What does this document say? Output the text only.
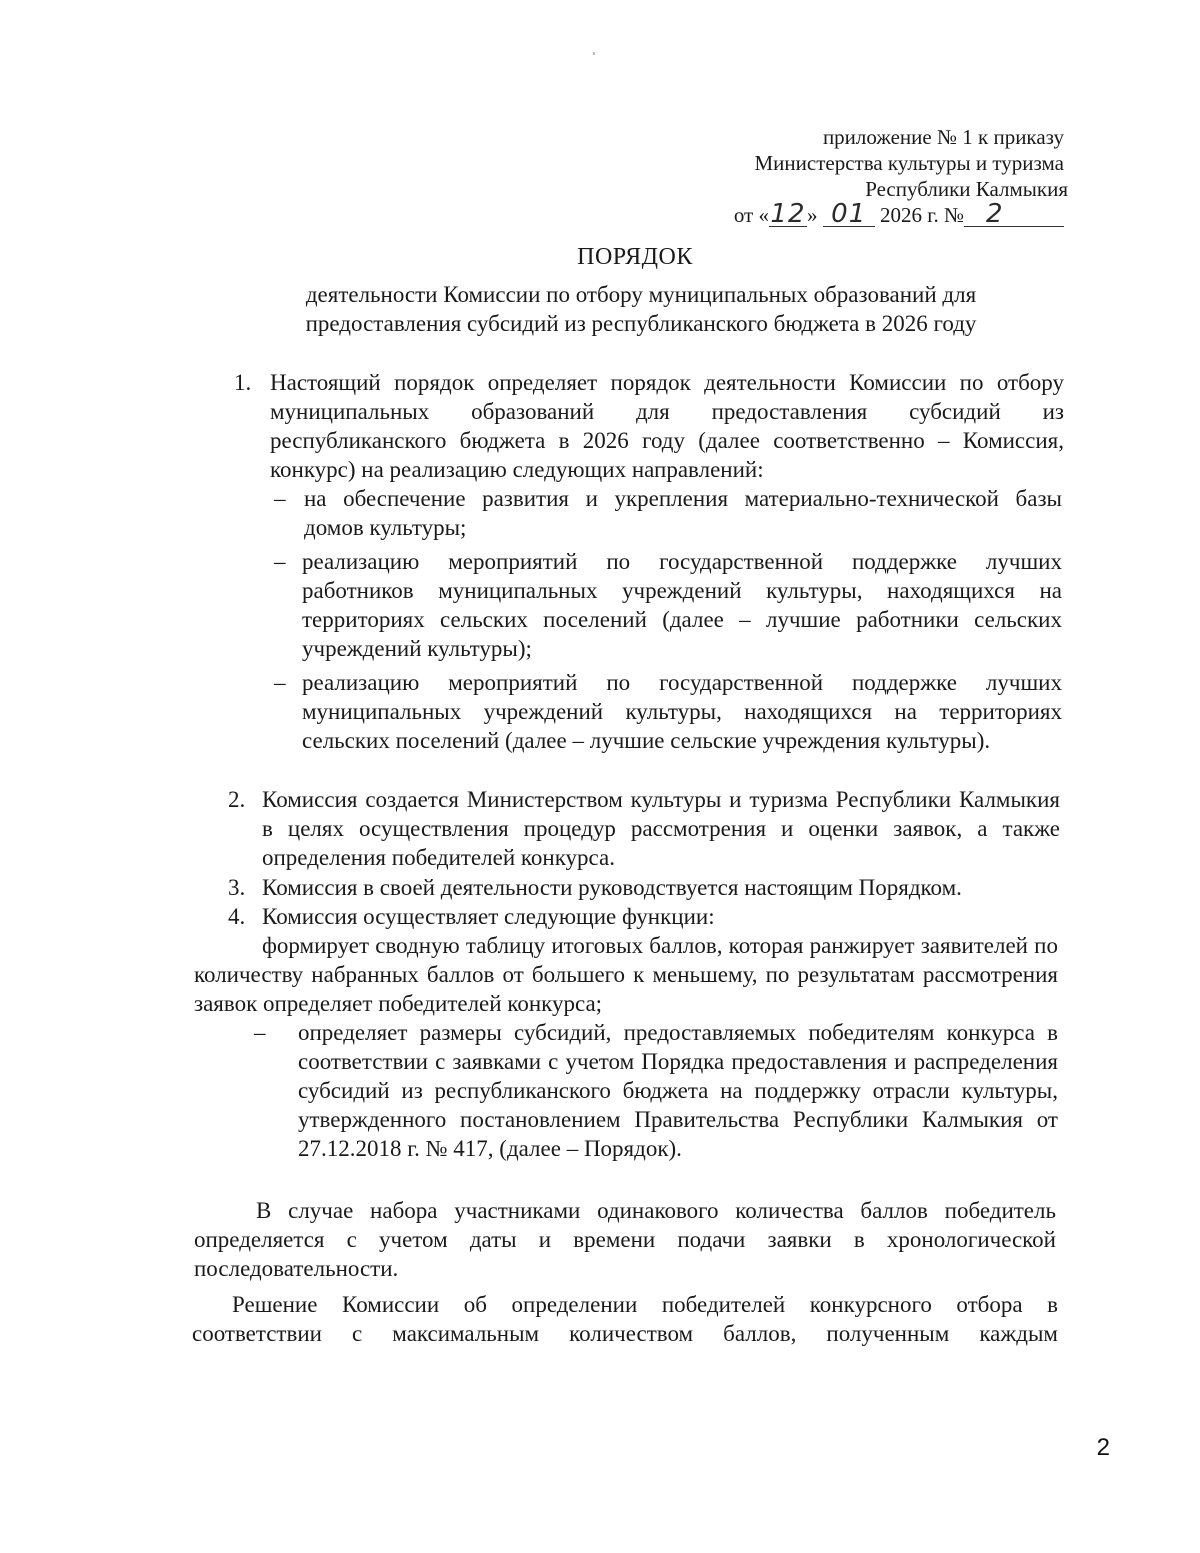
приложение № 1 к приказу
Министерства культуры и туризма
Республики Калмыкия
от «12» 01 2026 г. № 2
ПОРЯДОК
деятельности Комиссии по отбору муниципальных образований для предоставления субсидий из республиканского бюджета в 2026 году
1. Настоящий порядок определяет порядок деятельности Комиссии по отбору муниципальных образований для предоставления субсидий из республиканского бюджета в 2026 году (далее соответственно – Комиссия, конкурс) на реализацию следующих направлений:
– на обеспечение развития и укрепления материально-технической базы домов культуры;
– реализацию мероприятий по государственной поддержке лучших работников муниципальных учреждений культуры, находящихся на территориях сельских поселений (далее – лучшие работники сельских учреждений культуры);
– реализацию мероприятий по государственной поддержке лучших муниципальных учреждений культуры, находящихся на территориях сельских поселений (далее – лучшие сельские учреждения культуры).
2. Комиссия создается Министерством культуры и туризма Республики Калмыкия в целях осуществления процедур рассмотрения и оценки заявок, а также определения победителей конкурса.
3. Комиссия в своей деятельности руководствуется настоящим Порядком.
4. Комиссия осуществляет следующие функции:
формирует сводную таблицу итоговых баллов, которая ранжирует заявителей по количеству набранных баллов от большего к меньшему, по результатам рассмотрения заявок определяет победителей конкурса;
– определяет размеры субсидий, предоставляемых победителям конкурса в соответствии с заявками с учетом Порядка предоставления и распределения субсидий из республиканского бюджета на поддержку отрасли культуры, утвержденного постановлением Правительства Республики Калмыкия от 27.12.2018 г. № 417, (далее – Порядок).
В случае набора участниками одинакового количества баллов победитель определяется с учетом даты и времени подачи заявки в хронологической последовательности.
Решение Комиссии об определении победителей конкурсного отбора в соответствии с максимальным количеством баллов, полученным каждым
2
